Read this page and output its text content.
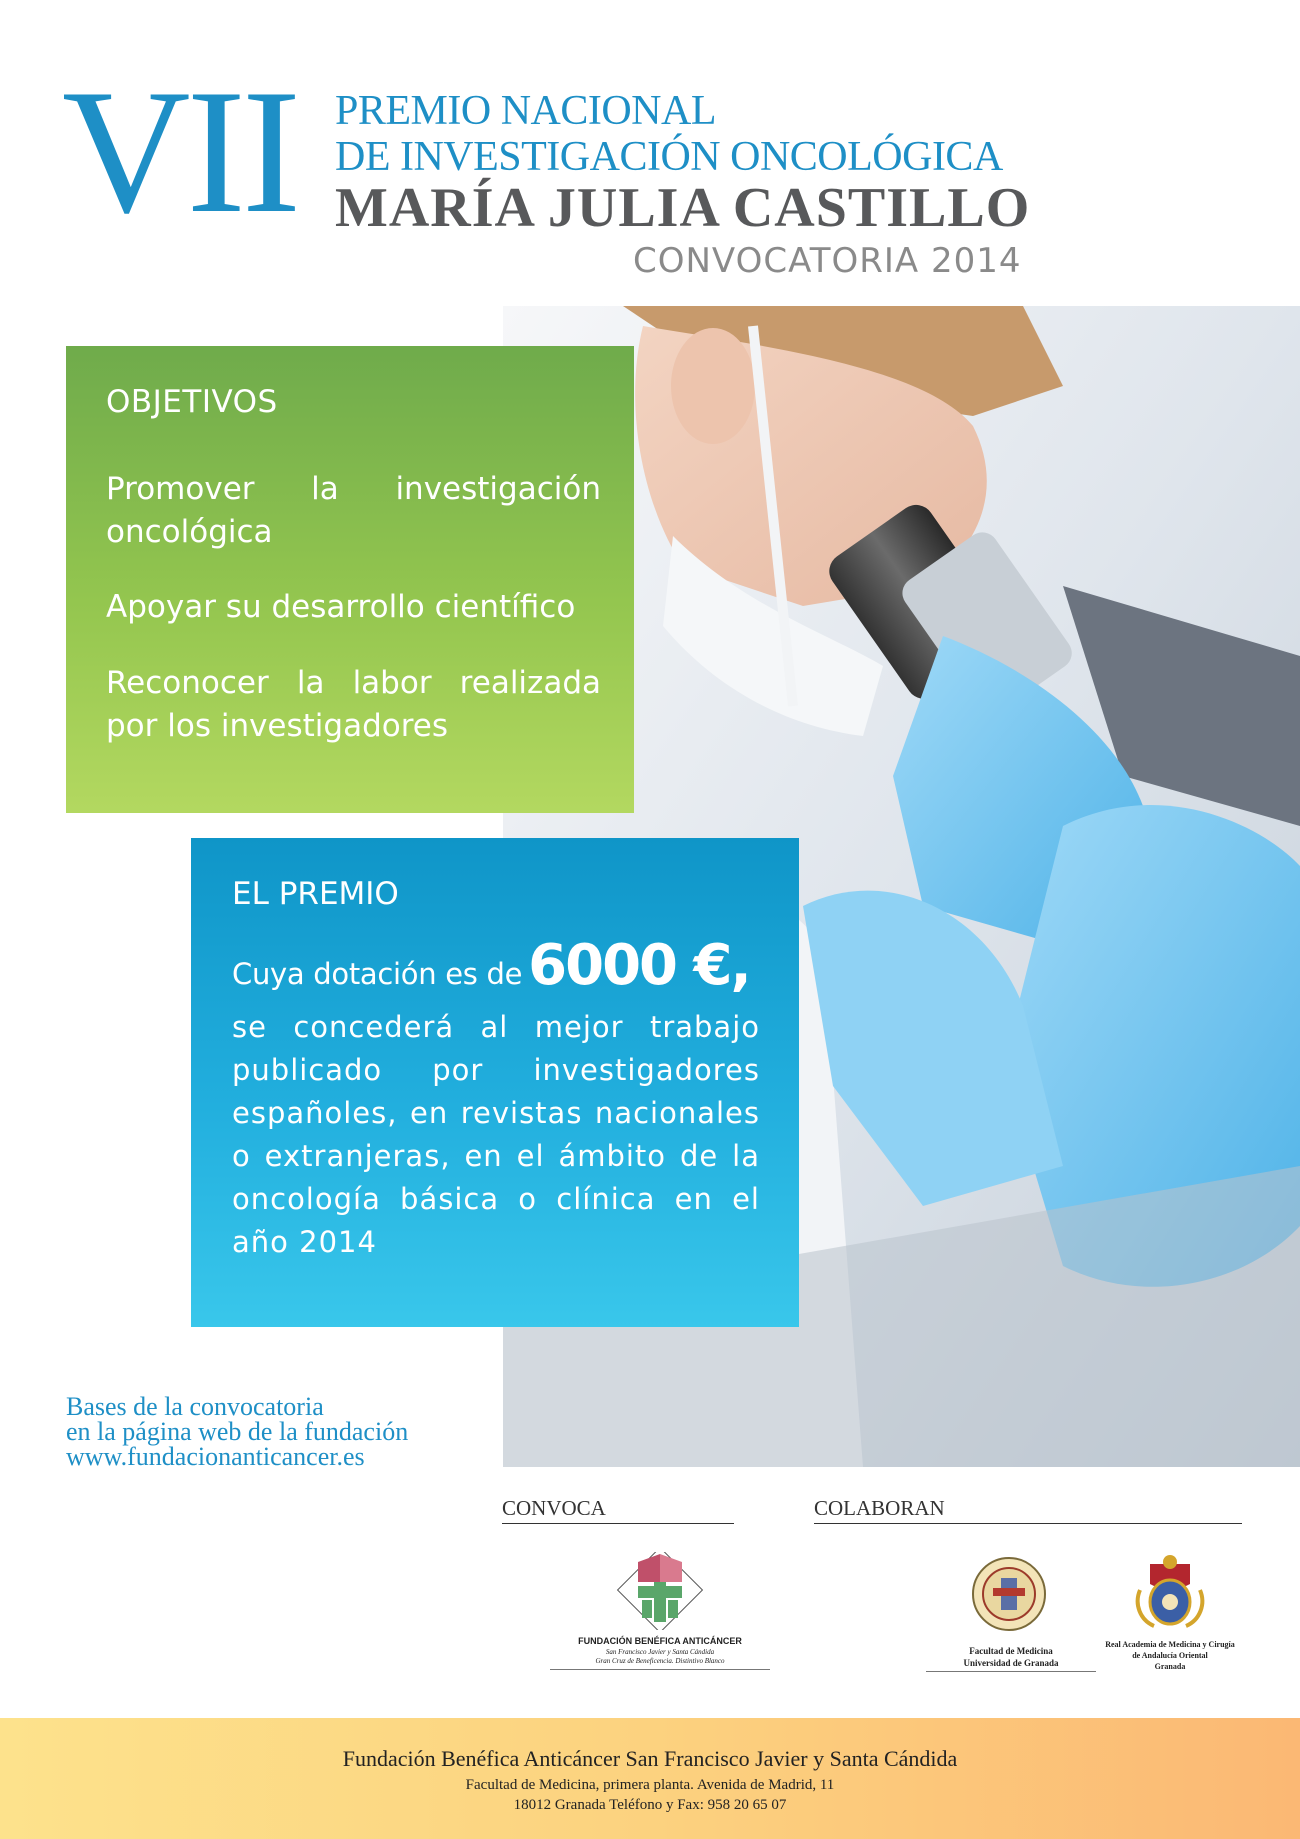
VII PREMIO NACIONAL
DE INVESTIGACIÓN ONCOLÓGICA
MARÍA JULIA CASTILLO
CONVOCATORIA 2014
OBJETIVOS
Promover la investigación oncológica
Apoyar su desarrollo científico
Reconocer la labor realizada por los investigadores
EL PREMIO
Cuya dotación es de 6000 €,
se concederá al mejor trabajo publicado por investigadores españoles, en revistas nacionales o extranjeras, en el ámbito de la oncología básica o clínica en el año 2014
Bases de la convocatoria
en la página web de la fundación
www.fundacionanticancer.es
CONVOCA
FUNDACIÓN BENÉFICA ANTICÁNCER
San Francisco Javier y Santa Cándida
Gran Cruz de Beneficencia. Distintivo Blanco
COLABORAN
Facultad de Medicina
Universidad de Granada
Real Academia de Medicina y Cirugía
de Andalucía Oriental
Granada
Fundación Benéfica Anticáncer San Francisco Javier y Santa Cándida
Facultad de Medicina, primera planta. Avenida de Madrid, 11
18012 Granada Teléfono y Fax: 958 20 65 07
